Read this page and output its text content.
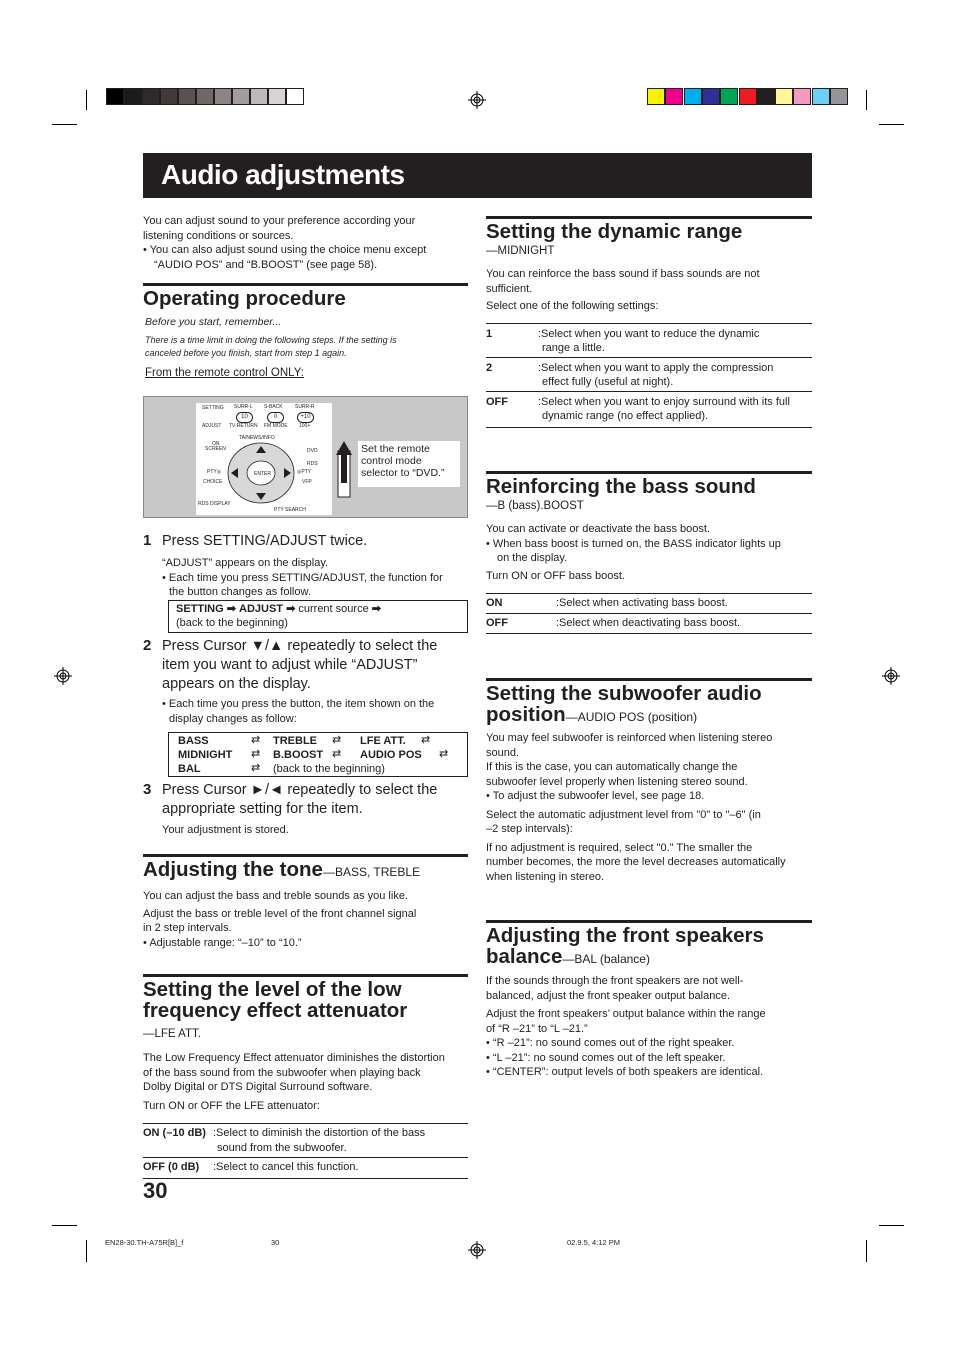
Audio adjustments
You can adjust sound to your preference according your
listening conditions or sources.
• You can also adjust sound using the choice menu except
“AUDIO POS” and “B.BOOST” (see page 58).
Operating procedure
Before you start, remember...
There is a time limit in doing the following steps. If the setting is
canceled before you finish, start from step 1 again.
From the remote control ONLY:
SETTING SURR-L S-BACK SURR-R
10	0	+10
ADJUST TV RETURN FM MODE 100+
TA/NEWS/INFO
ON
SCREEN	DVD
RDS
PTY◎	◎PTY
CHOICE	VFP
RDS DISPLAY
PTY SEARCH
ENTER
Set the remote control mode selector to “DVD.”
1 Press SETTING/ADJUST twice.
“ADJUST” appears on the display.
• Each time you press SETTING/ADJUST, the function for
the button changes as follow.
SETTING ➡ ADJUST ➡ current source ➡
(back to the beginning)
2 Press Cursor ▼/▲ repeatedly to select the
item you want to adjust while “ADJUST”
appears on the display.
• Each time you press the button, the item shown on the
display changes as follow:
BASS	⇄ TREBLE ⇄ LFE ATT. ⇄
MIDNIGHT ⇄ B.BOOST ⇄ AUDIO POS ⇄
BAL	⇄ (back to the beginning)
3 Press Cursor ►/◄ repeatedly to select the
appropriate setting for the item.
Your adjustment is stored.
Adjusting the tone—BASS, TREBLE
You can adjust the bass and treble sounds as you like.
Adjust the bass or treble level of the front channel signal
in 2 step intervals.
• Adjustable range: “–10” to “10.”
Setting the level of the low
frequency effect attenuator
—LFE ATT.
The Low Frequency Effect attenuator diminishes the distortion
of the bass sound from the subwoofer when playing back
Dolby Digital or DTS Digital Surround software.
Turn ON or OFF the LFE attenuator:
ON (–10 dB) :Select to diminish the distortion of the bass
sound from the subwoofer.
OFF (0 dB) :Select to cancel this function.
30
Setting the dynamic range
—MIDNIGHT
You can reinforce the bass sound if bass sounds are not
sufficient.
Select one of the following settings:
1	:Select when you want to reduce the dynamic
range a little.
2	:Select when you want to apply the compression
effect fully (useful at night).
OFF	:Select when you want to enjoy surround with its full
dynamic range (no effect applied).
Reinforcing the bass sound
—B (bass).BOOST
You can activate or deactivate the bass boost.
• When bass boost is turned on, the BASS indicator lights up
on the display.
Turn ON or OFF bass boost.
ON	:Select when activating bass boost.
OFF	:Select when deactivating bass boost.
Setting the subwoofer audio
position—AUDIO POS (position)
You may feel subwoofer is reinforced when listening stereo
sound.
If this is the case, you can automatically change the
subwoofer level properly when listening stereo sound.
• To adjust the subwoofer level, see page 18.
Select the automatic adjustment level from "0" to "–6" (in
–2 step intervals):
If no adjustment is required, select "0." The smaller the
number becomes, the more the level decreases automatically
when listening in stereo.
Adjusting the front speakers
balance—BAL (balance)
If the sounds through the front speakers are not well-
balanced, adjust the front speaker output balance.
Adjust the front speakers’ output balance within the range
of “R –21” to “L –21.”
• “R –21”: no sound comes out of the right speaker.
• “L –21”: no sound comes out of the left speaker.
• “CENTER”: output levels of both speakers are identical.
EN28-30.TH-A75R[B]_f	30	02.9.5, 4:12 PM
